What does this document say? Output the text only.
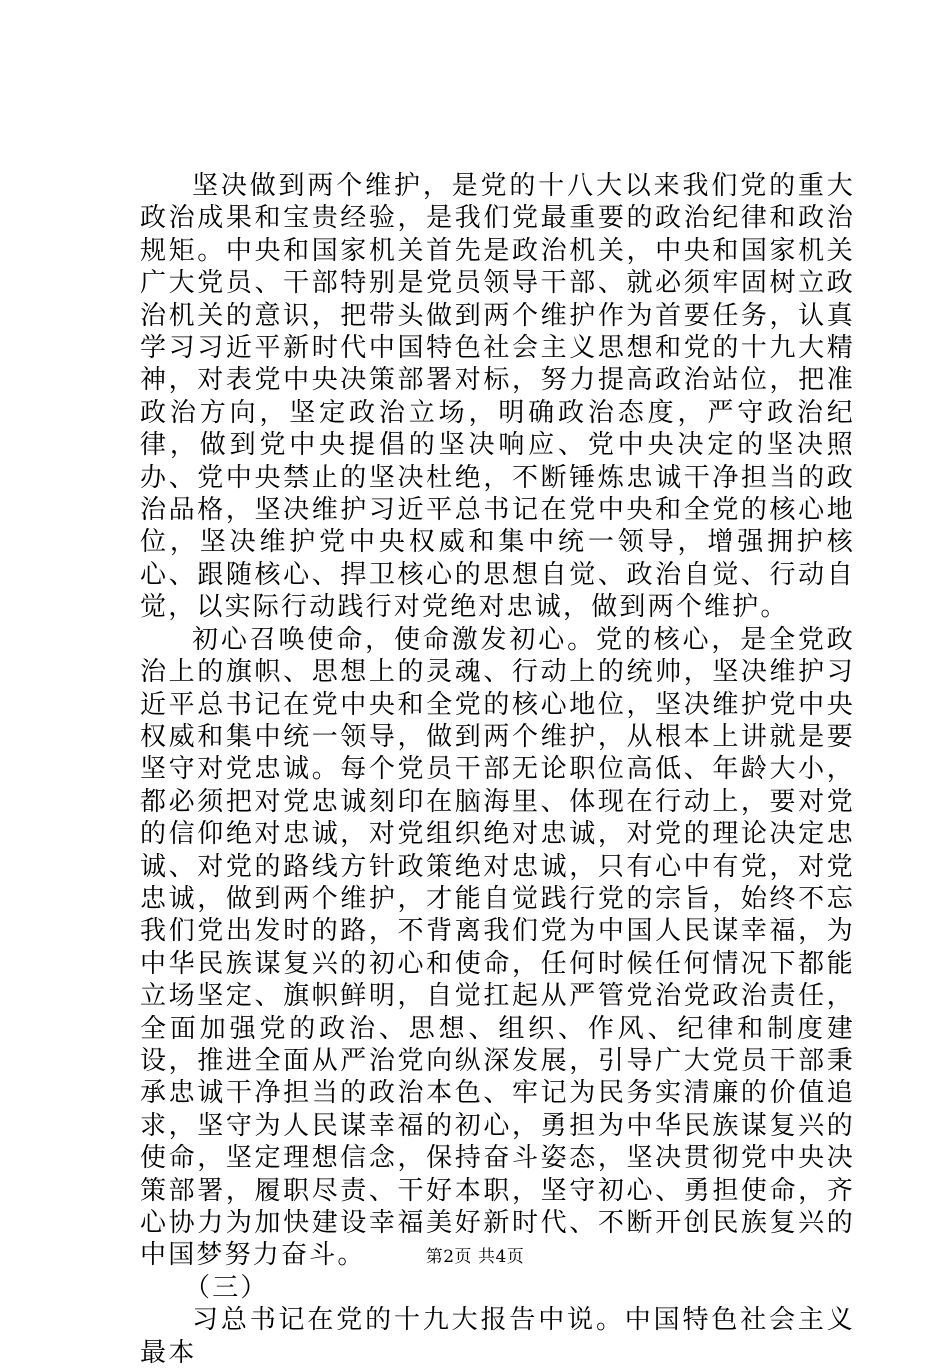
坚决做到两个维护，是党的十八大以来我们党的重大政治成果和宝贵经验，是我们党最重要的政治纪律和政治规矩。中央和国家机关首先是政治机关，中央和国家机关广大党员、干部特别是党员领导干部、就必须牢固树立政治机关的意识，把带头做到两个维护作为首要任务，认真学习习近平新时代中国特色社会主义思想和党的十九大精神，对表党中央决策部署对标，努力提高政治站位，把准政治方向，坚定政治立场，明确政治态度，严守政治纪律，做到党中央提倡的坚决响应、党中央决定的坚决照办、党中央禁止的坚决杜绝，不断锤炼忠诚干净担当的政治品格，坚决维护习近平总书记在党中央和全党的核心地位，坚决维护党中央权威和集中统一领导，增强拥护核心、跟随核心、捍卫核心的思想自觉、政治自觉、行动自觉，以实际行动践行对党绝对忠诚，做到两个维护。

初心召唤使命，使命激发初心。党的核心，是全党政治上的旗帜、思想上的灵魂、行动上的统帅，坚决维护习近平总书记在党中央和全党的核心地位，坚决维护党中央权威和集中统一领导，做到两个维护，从根本上讲就是要坚守对党忠诚。每个党员干部无论职位高低、年龄大小，都必须把对党忠诚刻印在脑海里、体现在行动上，要对党的信仰绝对忠诚，对党组织绝对忠诚，对党的理论决定忠诚、对党的路线方针政策绝对忠诚，只有心中有党，对党忠诚，做到两个维护，才能自觉践行党的宗旨，始终不忘我们党出发时的路，不背离我们党为中国人民谋幸福，为中华民族谋复兴的初心和使命，任何时候任何情况下都能立场坚定、旗帜鲜明，自觉扛起从严管党治党政治责任，全面加强党的政治、思想、组织、作风、纪律和制度建设，推进全面从严治党向纵深发展，引导广大党员干部秉承忠诚干净担当的政治本色、牢记为民务实清廉的价值追求，坚守为人民谋幸福的初心，勇担为中华民族谋复兴的使命，坚定理想信念，保持奋斗姿态，坚决贯彻党中央决策部署，履职尽责、干好本职，坚守初心、勇担使命，齐心协力为加快建设幸福美好新时代、不断开创民族复兴的中国梦努力奋斗。

（三）

习总书记在党的十九大报告中说。中国特色社会主义最本

第2页 共4页
